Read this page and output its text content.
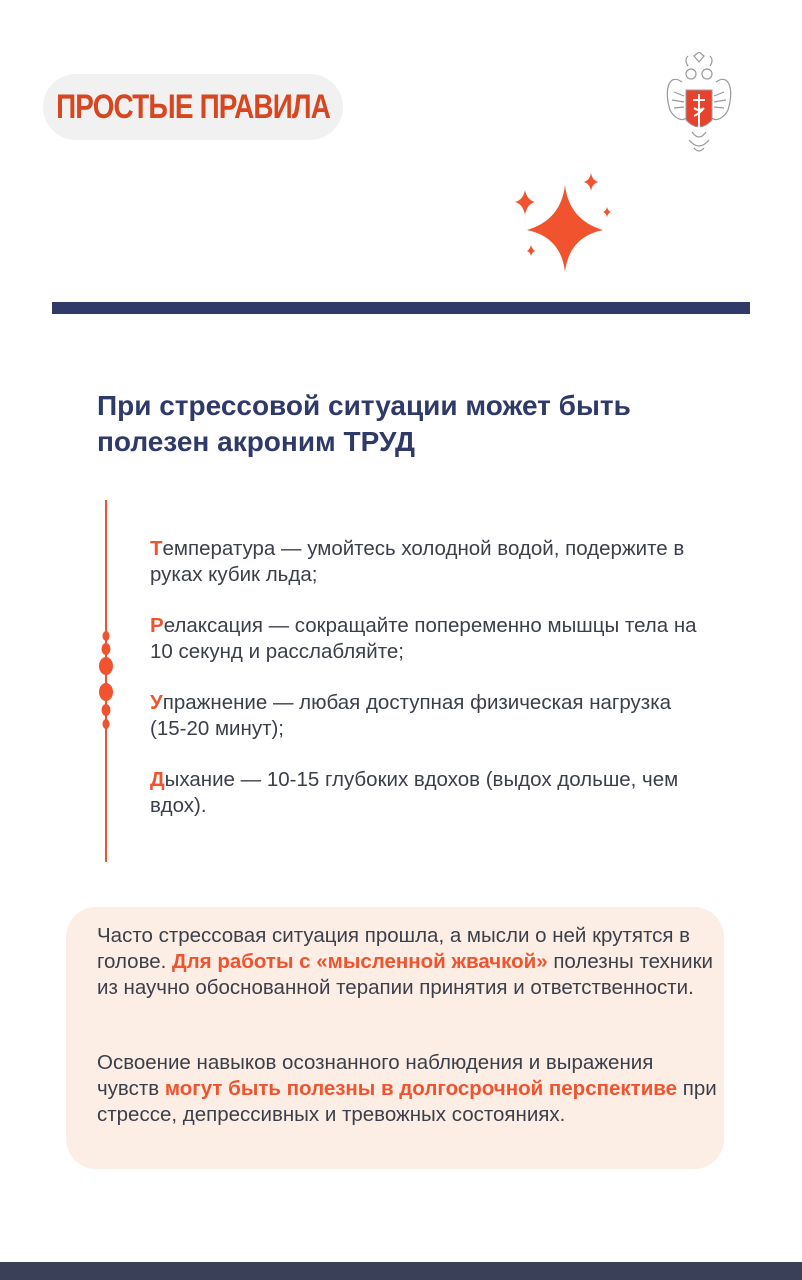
ПРОСТЫЕ ПРАВИЛА
При стрессовой ситуации может быть полезен акроним ТРУД
Температура — умойтесь холодной водой, подержите в руках кубик льда;
Релаксация — сокращайте попеременно мышцы тела на 10 секунд и расслабляйте;
Упражнение — любая доступная физическая нагрузка (15-20 минут);
Дыхание — 10-15 глубоких вдохов (выдох дольше, чем вдох).

Часто стрессовая ситуация прошла, а мысли о ней крутятся в голове. Для работы с «мысленной жвачкой» полезны техники из научно обоснованной терапии принятия и ответственности.

Освоение навыков осознанного наблюдения и выражения чувств могут быть полезны в долгосрочной перспективе при стрессе, депрессивных и тревожных состояниях.
